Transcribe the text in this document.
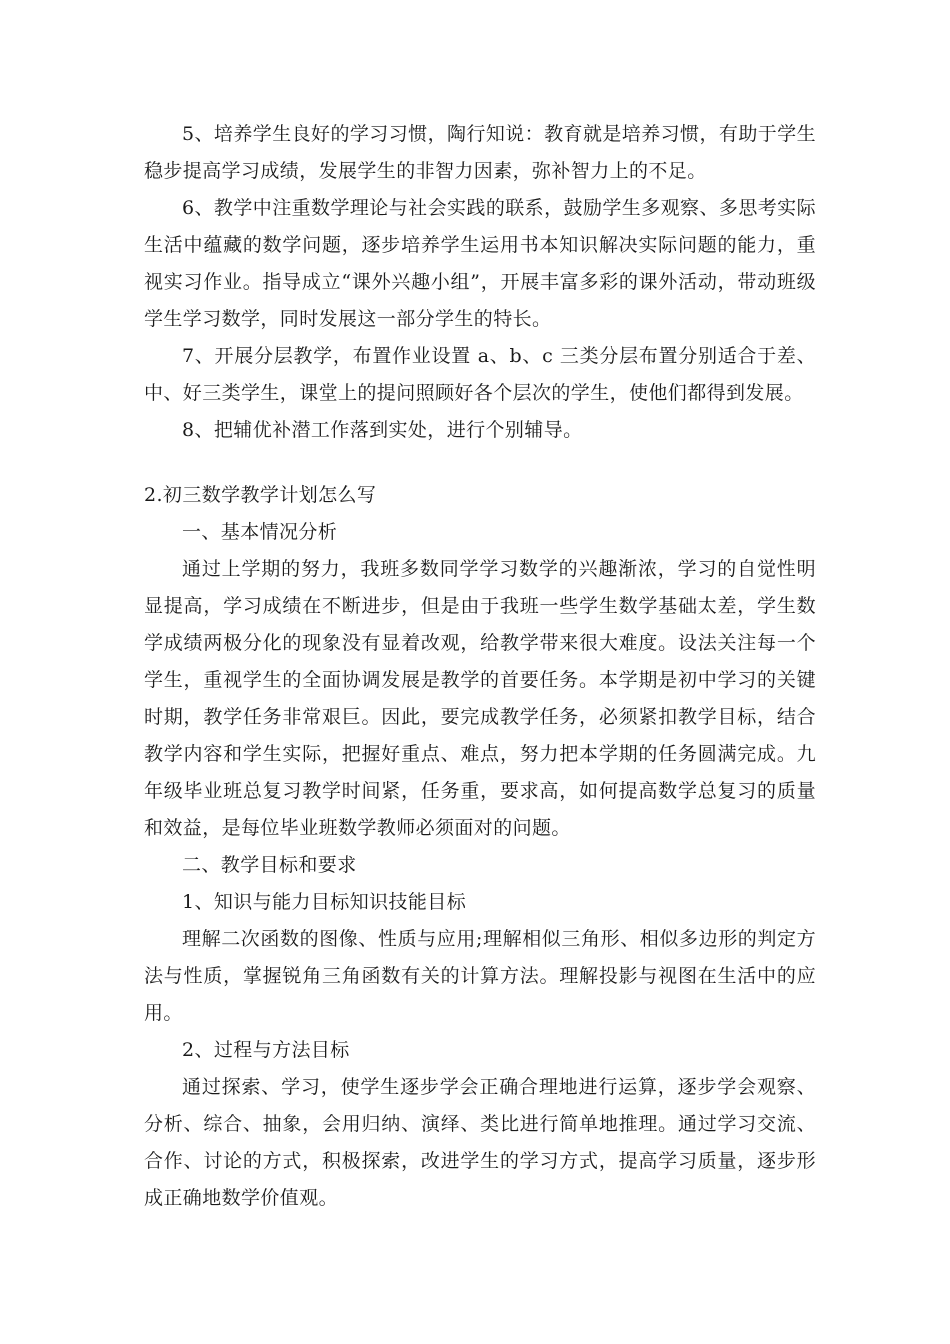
5、培养学生良好的学习习惯，陶行知说：教育就是培养习惯，有助于学生稳步提高学习成绩，发展学生的非智力因素，弥补智力上的不足。

6、教学中注重数学理论与社会实践的联系，鼓励学生多观察、多思考实际生活中蕴藏的数学问题，逐步培养学生运用书本知识解决实际问题的能力，重视实习作业。指导成立“课外兴趣小组”，开展丰富多彩的课外活动，带动班级学生学习数学，同时发展这一部分学生的特长。

7、开展分层教学，布置作业设置 a、b、c 三类分层布置分别适合于差、中、好三类学生，课堂上的提问照顾好各个层次的学生，使他们都得到发展。

8、把辅优补潜工作落到实处，进行个别辅导。

2.初三数学教学计划怎么写

一、基本情况分析

通过上学期的努力，我班多数同学学习数学的兴趣渐浓，学习的自觉性明显提高，学习成绩在不断进步，但是由于我班一些学生数学基础太差，学生数学成绩两极分化的现象没有显着改观，给教学带来很大难度。设法关注每一个学生，重视学生的全面协调发展是教学的首要任务。本学期是初中学习的关键时期，教学任务非常艰巨。因此，要完成教学任务，必须紧扣教学目标，结合教学内容和学生实际，把握好重点、难点，努力把本学期的任务圆满完成。九年级毕业班总复习教学时间紧，任务重，要求高，如何提高数学总复习的质量和效益，是每位毕业班数学教师必须面对的问题。

二、教学目标和要求

1、知识与能力目标知识技能目标

理解二次函数的图像、性质与应用;理解相似三角形、相似多边形的判定方法与性质，掌握锐角三角函数有关的计算方法。理解投影与视图在生活中的应用。

2、过程与方法目标

通过探索、学习，使学生逐步学会正确合理地进行运算，逐步学会观察、分析、综合、抽象，会用归纳、演绎、类比进行简单地推理。通过学习交流、合作、讨论的方式，积极探索，改进学生的学习方式，提高学习质量，逐步形成正确地数学价值观。
